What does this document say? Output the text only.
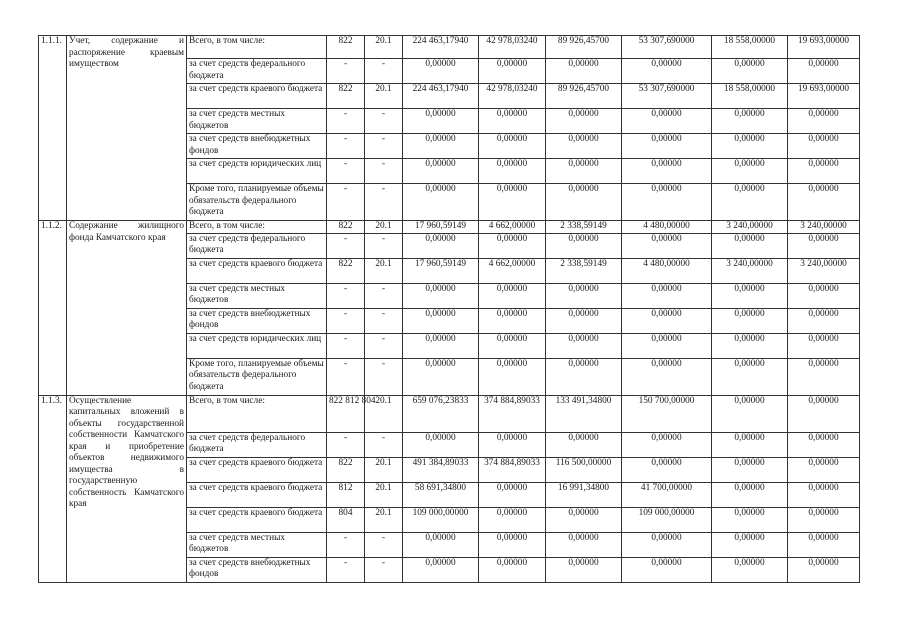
1.1.1.	Учет, содержание и распоряжение краевым имуществом	Всего, в том числе:	822	20.1	224 463,17940	42 978,03240	89 926,45700	53 307,690000	18 558,00000	19 693,00000
		за счет средств федерального бюджета	-	-	0,00000	0,00000	0,00000	0,00000	0,00000	0,00000
		за счет средств краевого бюджета	822	20.1	224 463,17940	42 978,03240	89 926,45700	53 307,690000	18 558,00000	19 693,00000
		за счет средств местных бюджетов	-	-	0,00000	0,00000	0,00000	0,00000	0,00000	0,00000
		за счет средств внебюджетных фондов	-	-	0,00000	0,00000	0,00000	0,00000	0,00000	0,00000
		за счет средств юридических лиц	-	-	0,00000	0,00000	0,00000	0,00000	0,00000	0,00000
		Кроме того, планируемые объемы обязательств федерального бюджета	-	-	0,00000	0,00000	0,00000	0,00000	0,00000	0,00000
1.1.2.	Содержание жилищного фонда Камчатского края	Всего, в том числе:	822	20.1	17 960,59149	4 662,00000	2 338,59149	4 480,00000	3 240,00000	3 240,00000
		за счет средств федерального бюджета	-	-	0,00000	0,00000	0,00000	0,00000	0,00000	0,00000
		за счет средств краевого бюджета	822	20.1	17 960,59149	4 662,00000	2 338,59149	4 480,00000	3 240,00000	3 240,00000
		за счет средств местных бюджетов	-	-	0,00000	0,00000	0,00000	0,00000	0,00000	0,00000
		за счет средств внебюджетных фондов	-	-	0,00000	0,00000	0,00000	0,00000	0,00000	0,00000
		за счет средств юридических лиц	-	-	0,00000	0,00000	0,00000	0,00000	0,00000	0,00000
		Кроме того, планируемые объемы обязательств федерального бюджета	-	-	0,00000	0,00000	0,00000	0,00000	0,00000	0,00000
1.1.3.	Осуществление капитальных вложений в объекты государственной собственности Камчатского края и приобретение объектов недвижимого имущества в государственную собственность Камчатского края	Всего, в том числе:	822 812 804	20.1	659 076,23833	374 884,89033	133 491,34800	150 700,00000	0,00000	0,00000
		за счет средств федерального бюджета	-	-	0,00000	0,00000	0,00000	0,00000	0,00000	0,00000
		за счет средств краевого бюджета	822	20.1	491 384,89033	374 884,89033	116 500,00000	0,00000	0,00000	0,00000
		за счет средств краевого бюджета	812	20.1	58 691,34800	0,00000	16 991,34800	41 700,00000	0,00000	0,00000
		за счет средств краевого бюджета	804	20.1	109 000,00000	0,00000	0,00000	109 000,00000	0,00000	0,00000
		за счет средств местных бюджетов	-	-	0,00000	0,00000	0,00000	0,00000	0,00000	0,00000
		за счет средств внебюджетных фондов	-	-	0,00000	0,00000	0,00000	0,00000	0,00000	0,00000
